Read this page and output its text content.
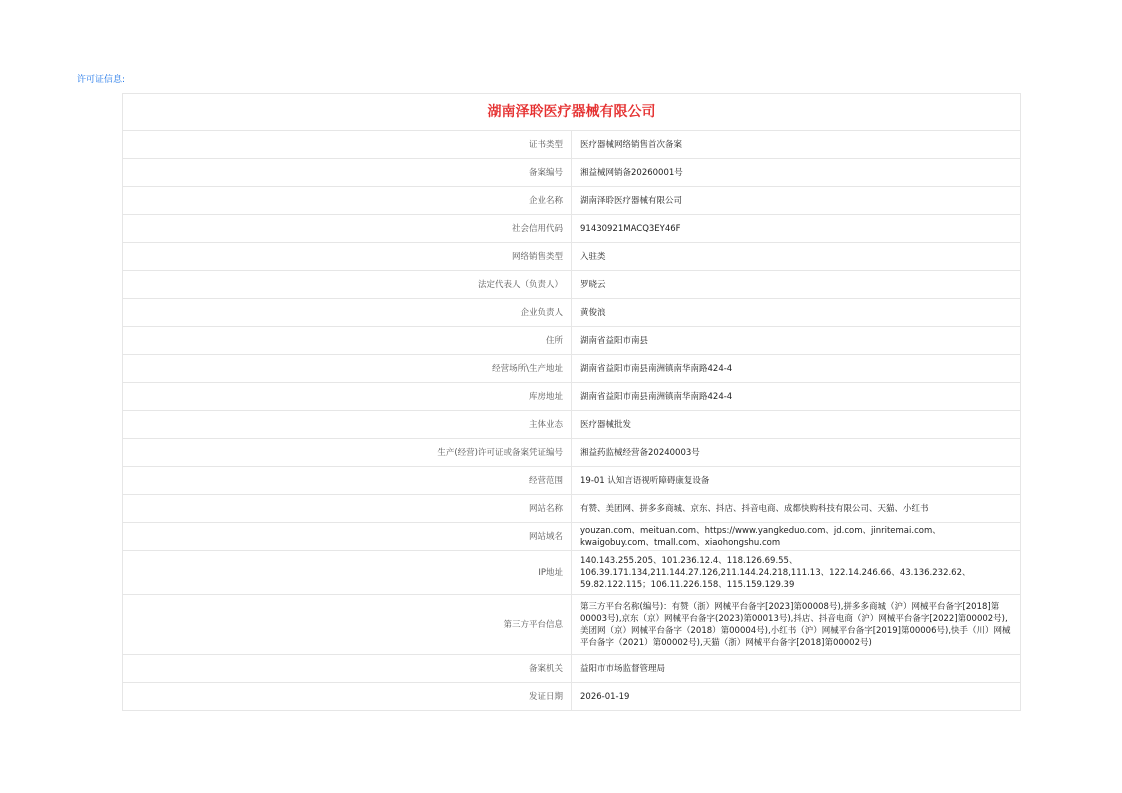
许可证信息:
湖南泽聆医疗器械有限公司	
证书类型	医疗器械网络销售首次备案
备案编号	湘益械网销备20260001号
企业名称	湖南泽聆医疗器械有限公司
社会信用代码	91430921MACQ3EY46F
网络销售类型	入驻类
法定代表人（负责人）	罗晓云
企业负责人	黄俊浪
住所	湖南省益阳市南县
经营场所\生产地址	湖南省益阳市南县南洲镇南华南路424-4
库房地址	湖南省益阳市南县南洲镇南华南路424-4
主体业态	医疗器械批发
生产(经营)许可证或备案凭证编号	湘益药监械经营备20240003号
经营范围	19-01 认知言语视听障碍康复设备
网站名称	有赞、美团网、拼多多商城、京东、抖店、抖音电商、成都快购科技有限公司、天猫、小红书
网站域名	youzan.com、meituan.com、https://www.yangkeduo.com、jd.com、jinritemai.com、kwaigobuy.com、tmall.com、xiaohongshu.com
IP地址	140.143.255.205、101.236.12.4、118.126.69.55、106.39.171.134,211.144.27.126,211.144.24.218,111.13、122.14.246.66、43.136.232.62、59.82.122.115；106.11.226.158、115.159.129.39
第三方平台信息	第三方平台名称(编号)：有赞（浙）网械平台备字[2023]第00008号),拼多多商城（沪）网械平台备字[2018]第00003号),京东（京）网械平台备字(2023)第00013号),抖店、抖音电商（沪）网械平台备字[2022]第00002号),美团网（京）网械平台备字（2018）第00004号),小红书（沪）网械平台备字[2019]第00006号),快手（川）网械平台备字（2021）第00002号),天猫（浙）网械平台备字[2018]第00002号)
备案机关	益阳市市场监督管理局
发证日期	2026-01-19
